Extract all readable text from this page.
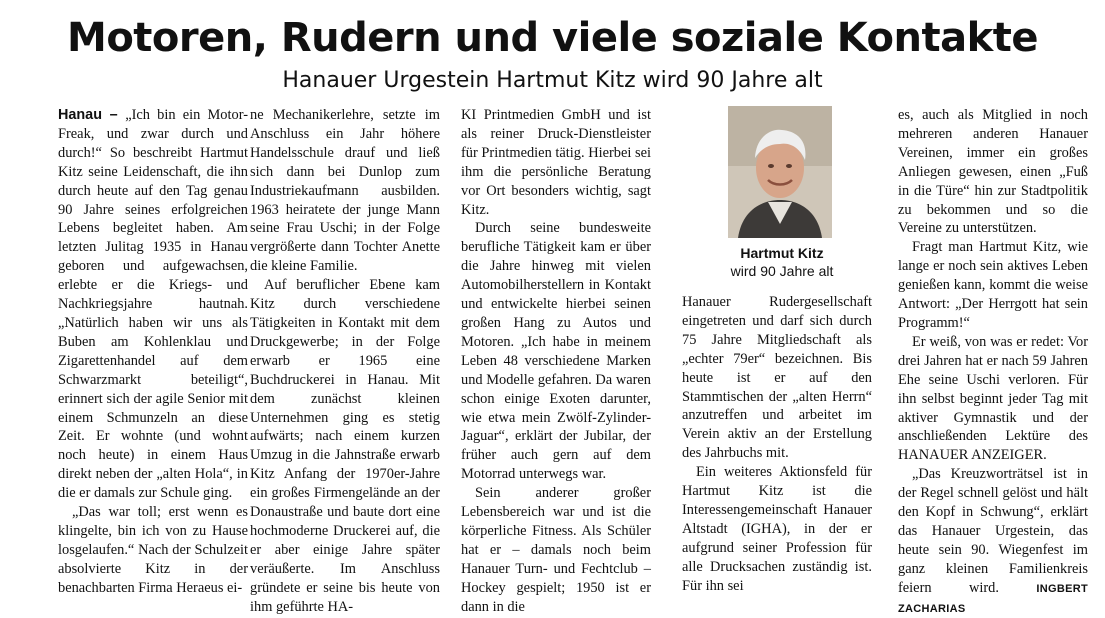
Motoren, Rudern und viele soziale Kontakte
Hanauer Urgestein Hartmut Kitz wird 90 Jahre alt

Hanau – „Ich bin ein Motor-Freak, und zwar durch und durch!“ So beschreibt Hartmut Kitz seine Leidenschaft, die ihn durch heute auf den Tag genau 90 Jahre seines erfolgreichen Lebens begleitet haben. Am letzten Julitag 1935 in Hanau geboren und aufgewachsen, erlebte er die Kriegs- und Nachkriegsjahre hautnah. „Natürlich haben wir uns als Buben am Kohlenklau und Zigarettenhandel auf dem Schwarzmarkt beteiligt“, erinnert sich der agile Senior mit einem Schmunzeln an diese Zeit. Er wohnte (und wohnt noch heute) in einem Haus direkt neben der „alten Hola“, in die er damals zur Schule ging.

„Das war toll; erst wenn es klingelte, bin ich von zu Hause losgelaufen.“ Nach der Schulzeit absolvierte Kitz in der benachbarten Firma Heraeus ei-

ne Mechanikerlehre, setzte im Anschluss ein Jahr höhere Handelsschule drauf und ließ sich dann bei Dunlop zum Industriekaufmann ausbilden. 1963 heiratete der junge Mann seine Frau Uschi; in der Folge vergrößerte dann Tochter Anette die kleine Familie.

Auf beruflicher Ebene kam Kitz durch verschiedene Tätigkeiten in Kontakt mit dem Druckgewerbe; in der Folge erwarb er 1965 eine Buchdruckerei in Hanau. Mit dem zunächst kleinen Unternehmen ging es stetig aufwärts; nach einem kurzen Umzug in die Jahnstraße erwarb Kitz Anfang der 1970er-Jahre ein großes Firmengelände an der Donaustraße und baute dort eine hochmoderne Druckerei auf, die er aber einige Jahre später veräußerte. Im Anschluss gründete er seine bis heute von ihm geführte HA-

KI Printmedien GmbH und ist als reiner Druck-Dienstleister für Printmedien tätig. Hierbei sei ihm die persönliche Beratung vor Ort besonders wichtig, sagt Kitz.

Durch seine bundesweite berufliche Tätigkeit kam er über die Jahre hinweg mit vielen Automobilherstellern in Kontakt und entwickelte hierbei seinen großen Hang zu Autos und Motoren. „Ich habe in meinem Leben 48 verschiedene Marken und Modelle gefahren. Da waren schon einige Exoten darunter, wie etwa mein Zwölf-Zylinder-Jaguar“, erklärt der Jubilar, der früher auch gern auf dem Motorrad unterwegs war.

Sein anderer großer Lebensbereich war und ist die körperliche Fitness. Als Schüler hat er – damals noch beim Hanauer Turn- und Fechtclub – Hockey gespielt; 1950 ist er dann in die

Hartmut Kitz
wird 90 Jahre alt

Hanauer Rudergesellschaft eingetreten und darf sich durch 75 Jahre Mitgliedschaft als „echter 79er“ bezeichnen. Bis heute ist er auf den Stammtischen der „alten Herrn“ anzutreffen und arbeitet im Verein aktiv an der Erstellung des Jahrbuchs mit.

Ein weiteres Aktionsfeld für Hartmut Kitz ist die Interessengemeinschaft Hanauer Altstadt (IGHA), in der er aufgrund seiner Profession für alle Drucksachen zuständig ist. Für ihn sei

es, auch als Mitglied in noch mehreren anderen Hanauer Vereinen, immer ein großes Anliegen gewesen, einen „Fuß in die Türe“ hin zur Stadtpolitik zu bekommen und so die Vereine zu unterstützen.

Fragt man Hartmut Kitz, wie lange er noch sein aktives Leben genießen kann, kommt die weise Antwort: „Der Herrgott hat sein Programm!“

Er weiß, von was er redet: Vor drei Jahren hat er nach 59 Jahren Ehe seine Uschi verloren. Für ihn selbst beginnt jeder Tag mit aktiver Gymnastik und der anschließenden Lektüre des HANAUER ANZEIGER.

„Das Kreuzworträtsel ist in der Regel schnell gelöst und hält den Kopf in Schwung“, erklärt das Hanauer Urgestein, das heute sein 90. Wiegenfest im ganz kleinen Familienkreis feiern wird.	INGBERT ZACHARIAS
